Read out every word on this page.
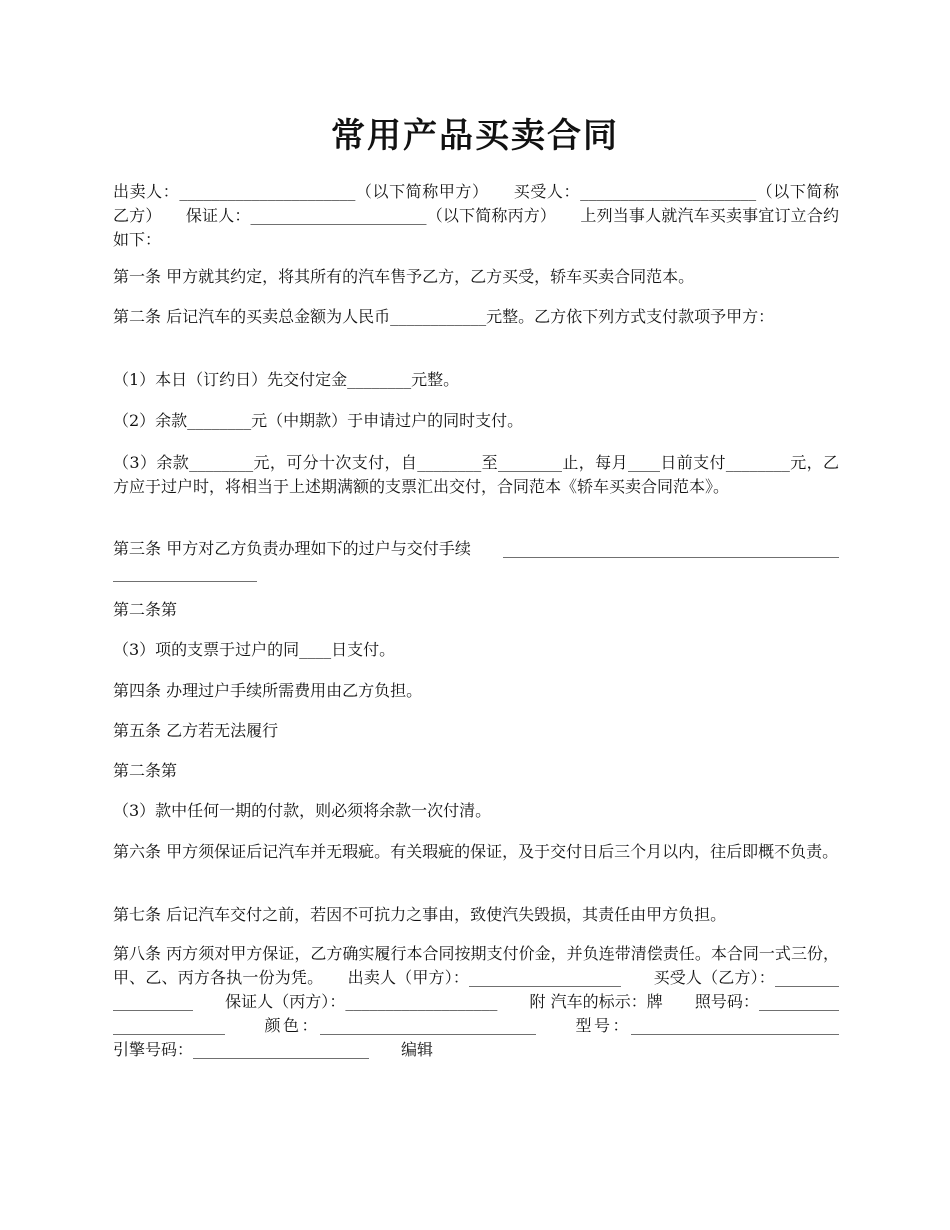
常用产品买卖合同

出卖人：______________________（以下简称甲方）　　买受人：______________________（以下简称乙方）　　保证人：______________________（以下简称丙方）　　上列当事人就汽车买卖事宜订立合约如下：

第一条 甲方就其约定，将其所有的汽车售予乙方，乙方买受，轿车买卖合同范本。

第二条 后记汽车的买卖总金额为人民币____________元整。乙方依下列方式支付款项予甲方：

（1）本日（订约日）先交付定金________元整。

（2）余款________元（中期款）于申请过户的同时支付。

（3）余款________元，可分十次支付，自________至________止，每月____日前支付________元，乙方应于过户时，将相当于上述期满额的支票汇出交付，合同范本《轿车买卖合同范本》。

第三条 甲方对乙方负责办理如下的过户与交付手续　　____________________________________________________________

第二条第

（3）项的支票于过户的同____日支付。

第四条 办理过户手续所需费用由乙方负担。

第五条 乙方若无法履行

第二条第

（3）款中任何一期的付款，则必须将余款一次付清。

第六条 甲方须保证后记汽车并无瑕疵。有关瑕疵的保证，及于交付日后三个月以内，往后即概不负责。

第七条 后记汽车交付之前，若因不可抗力之事由，致使汽失毁损，其责任由甲方负担。

第八条 丙方须对甲方保证，乙方确实履行本合同按期支付价金，并负连带清偿责任。本合同一式三份，甲、乙、丙方各执一份为凭。　　出卖人（甲方）：___________________　　买受人（乙方）：__________________　　保证人（丙方）：___________________　　附 汽车的标示：牌　　照号码：________________________　　颜色：___________________________　　型号：__________________________　　引擎号码：______________________　　编辑
